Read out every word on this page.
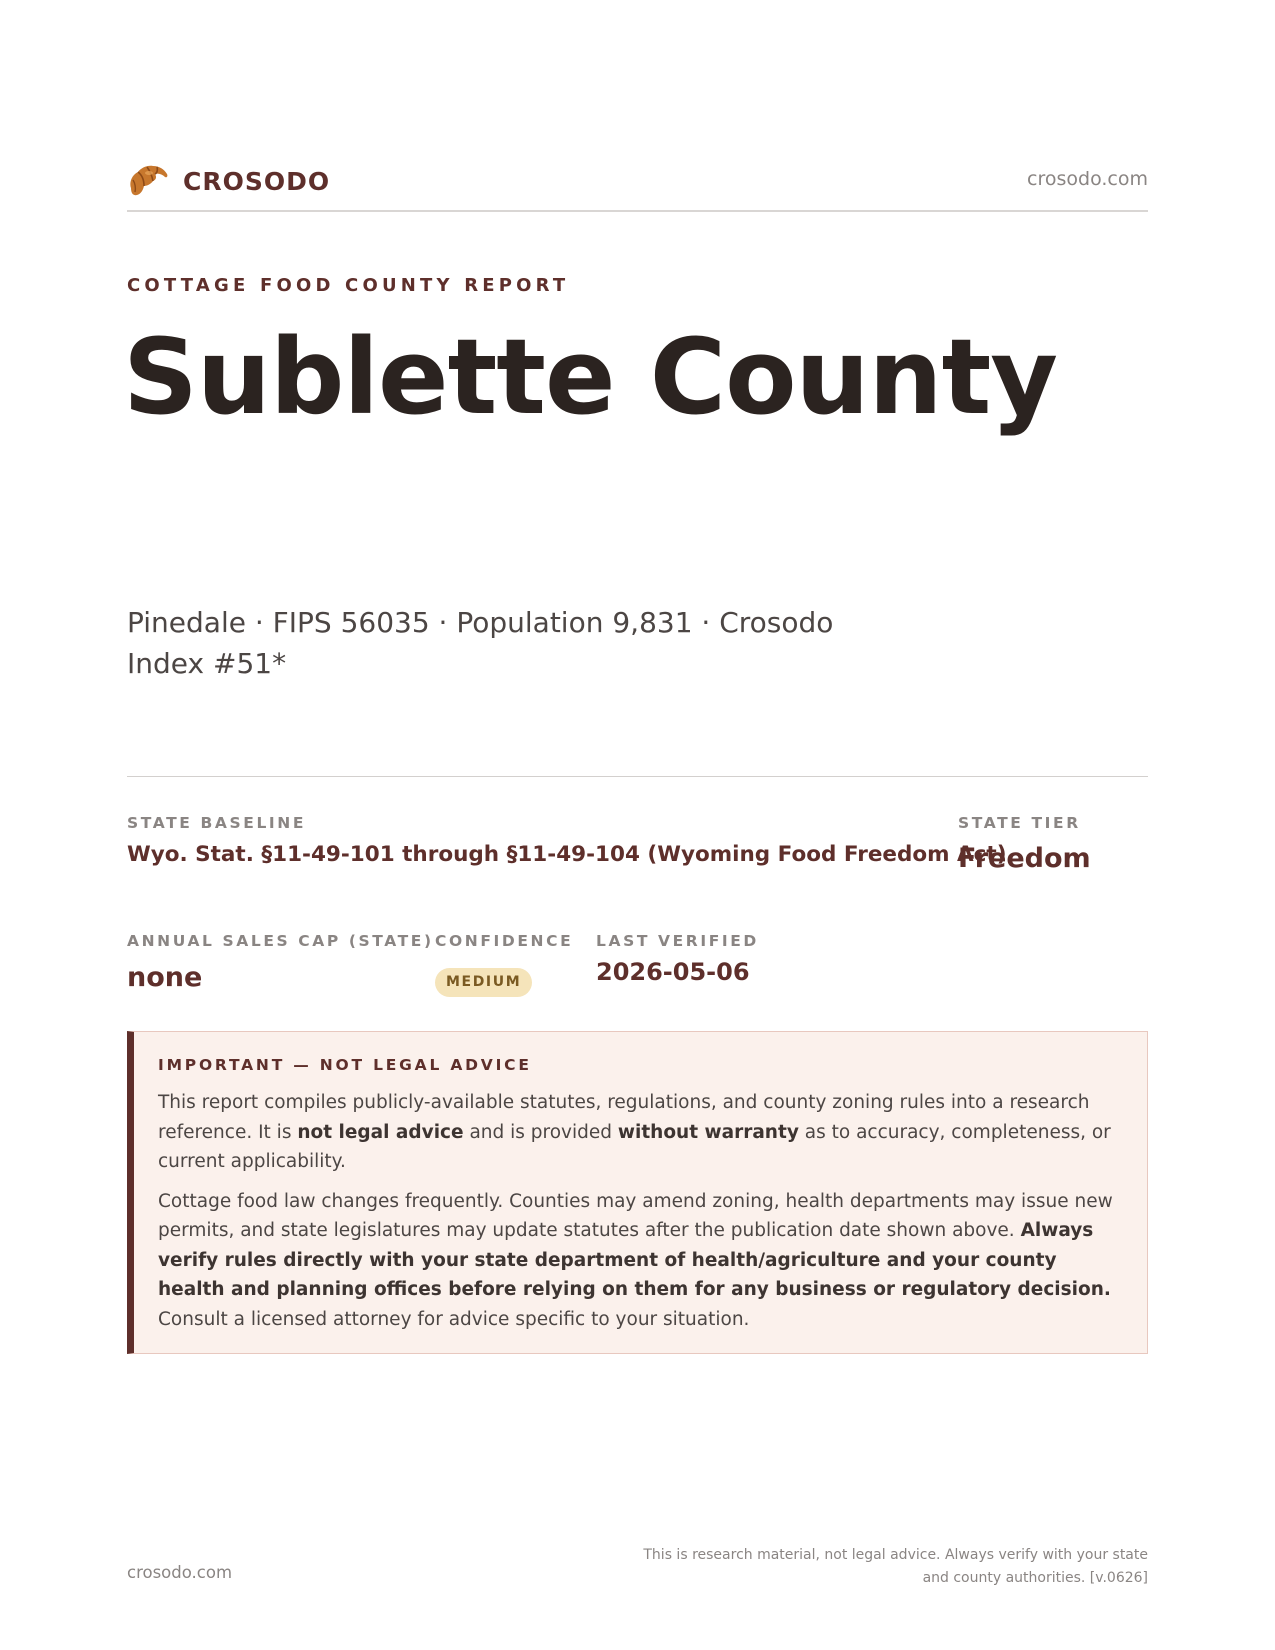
CROSODO	crosodo.com
COTTAGE FOOD COUNTY REPORT
Sublette County
Pinedale · FIPS 56035 · Population 9,831 · Crosodo Index #51*
STATE BASELINE
Wyo. Stat. §11-49-101 through §11-49-104 (Wyoming Food Freedom Act)
STATE TIER
Freedom
ANNUAL SALES CAP (STATE)
none
CONFIDENCE
MEDIUM
LAST VERIFIED
2026-05-06
IMPORTANT — NOT LEGAL ADVICE

This report compiles publicly-available statutes, regulations, and county zoning rules into a research reference. It is not legal advice and is provided without warranty as to accuracy, completeness, or current applicability.

Cottage food law changes frequently. Counties may amend zoning, health departments may issue new permits, and state legislatures may update statutes after the publication date shown above. Always verify rules directly with your state department of health/agriculture and your county health and planning offices before relying on them for any business or regulatory decision. Consult a licensed attorney for advice specific to your situation.

crosodo.com
This is research material, not legal advice. Always verify with your state
and county authorities. [v.0626]
